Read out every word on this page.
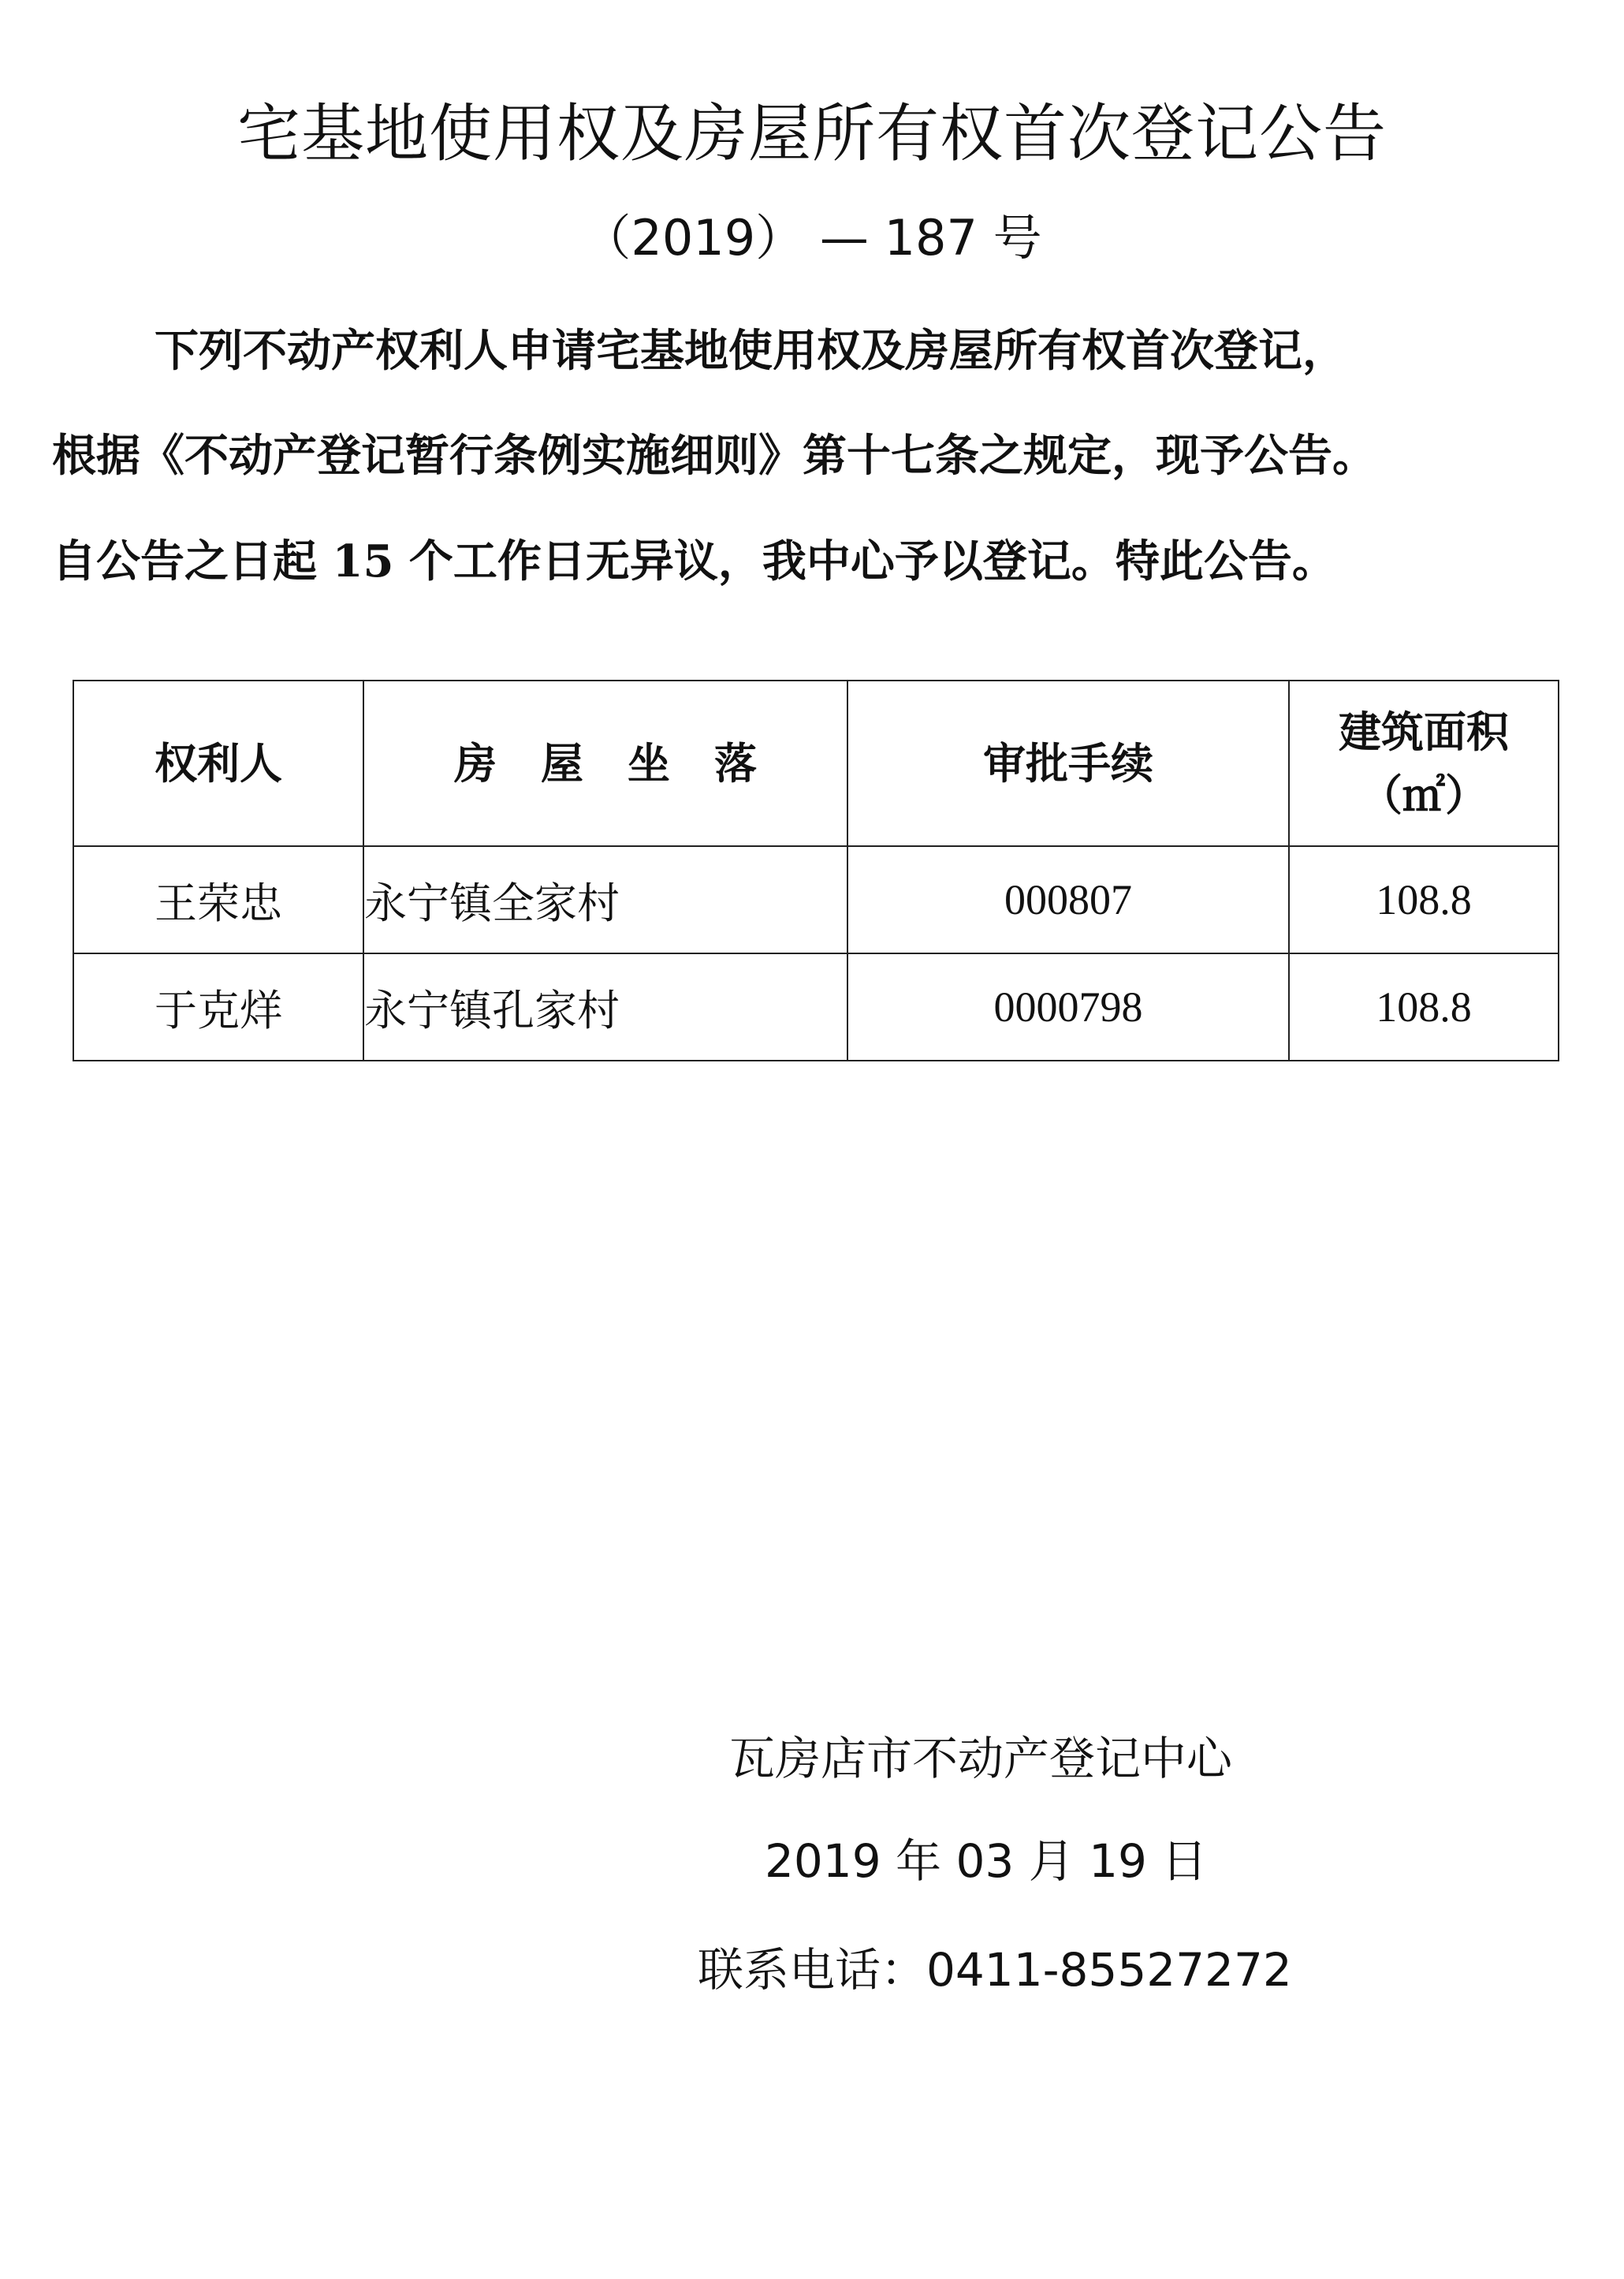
宅基地使用权及房屋所有权首次登记公告
（2019） — 187 号
下列不动产权利人申请宅基地使用权及房屋所有权首次登记，
根据《不动产登记暂行条例实施细则》第十七条之规定，现予公告。
自公告之日起 15 个工作日无异议，我中心予以登记。特此公告。
权利人	房屋坐落	审批手续	建筑面积
（㎡）

王荣忠	永宁镇全家村	000807	108.8
于克烊	永宁镇孔家村	0000798	108.8
瓦房店市不动产登记中心
2019 年 03 月 19 日
联系电话：0411-85527272
